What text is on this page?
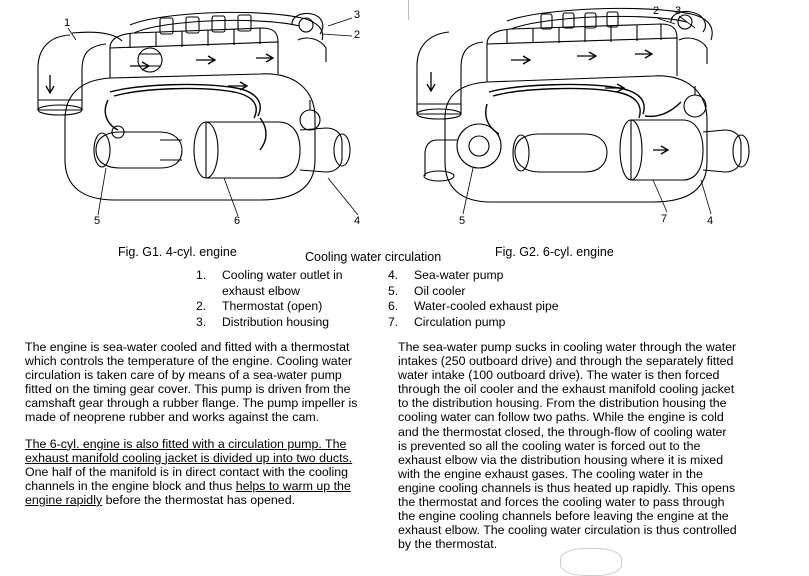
1
3
2
4
5	6
2 3
4
5	7
Fig. G1. 4-cyl. engine	Cooling water circulation	Fig. G2. 6-cyl. engine
1.	Cooling water outlet in
exhaust elbow
2.	Thermostat (open)
3.	Distribution housing
4.	Sea-water pump
5.	Oil cooler
6.	Water-cooled exhaust pipe
7.	Circulation pump

The engine is sea-water cooled and fitted with a thermostat which controls the temperature of the engine. Cooling water circulation is taken care of by means of a sea-water pump fitted on the timing gear cover. This pump is driven from the camshaft gear through a rubber flange. The pump impeller is made of neoprene rubber and works against the cam.

The 6-cyl. engine is also fitted with a circulation pump. The exhaust manifold cooling jacket is divided up into two ducts. One half of the manifold is in direct contact with the cooling channels in the engine block and thus helps to warm up the engine rapidly before the thermostat has opened.

The sea-water pump sucks in cooling water through the water intakes (250 outboard drive) and through the separately fitted water intake (100 outboard drive). The water is then forced through the oil cooler and the exhaust manifold cooling jacket to the distribution housing. From the distribution housing the cooling water can follow two paths. While the engine is cold and the thermostat closed, the through-flow of cooling water is prevented so all the cooling water is forced out to the exhaust elbow via the distribution housing where it is mixed with the engine exhaust gases. The cooling water in the engine cooling channels is thus heated up rapidly. This opens the thermostat and forces the cooling water to pass through the engine cooling channels before leaving the engine at the exhaust elbow. The cooling water circulation is thus controlled by the thermostat.
